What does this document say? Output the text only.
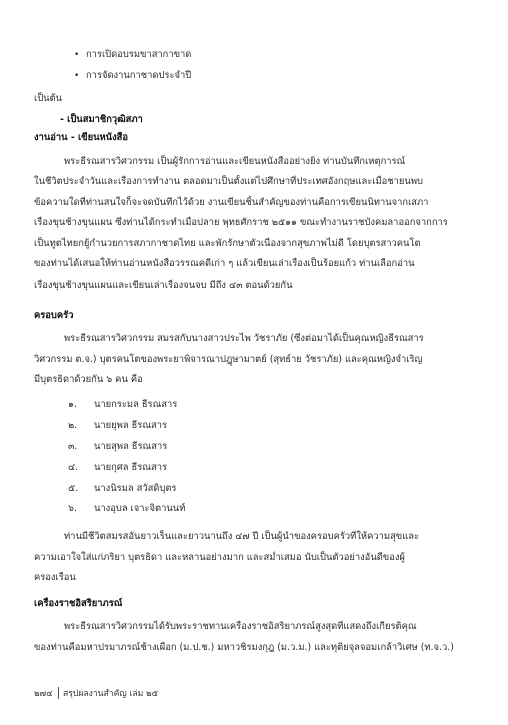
• การเปิดอบรมขาสากาขาด
• การจัดงานกาชาดประจำปี
เป็นต้น
- เป็นสมาชิกวุฒิสภา
งานอ่าน - เขียนหนังสือ
พระธีรณสารวิศวกรรม เป็นผู้รักการอ่านและเขียนหนังสืออย่างยิ่ง ท่านบันทึกเหตุการณ์
ในชีวิตประจำวันและเรื่องการทำงาน ตลอดมาเป็นตั้งแต่ไปศึกษาที่ประเทศอังกฤษและเมื่อชายนพบ
ข้อความใดที่ท่านสนใจก็จะจดบันทึกไว้ด้วย งานเขียนชิ้นสำคัญของท่านคือการเขียนนิทานจากเสภา
เรื่องขุนช้างขุนแผน ซึ่งท่านได้กระทำเมื่อปลาย พุทธศักราช ๒๕๑๑ ขณะทำงานราชบังคมลาออกจากการ
เป็นทูตไทยกยู้กำนวยการสภากาชาดไทย และพักรักษาตัวเนื่องจากสุขภาพไม่ดี โดยบุตรสาวคนโต
ของท่านได้เสนอให้ท่านอ่านหนังสือวรรณคดีเก่า ๆ แล้วเขียนเล่าเรื่องเป็นร้อยแก้ว ท่านเลือกอ่าน
เรื่องขุนช้างขุนแผนและเขียนเล่าเรื่องจนจบ มีถึง ๔๓ ตอนด้วยกัน
ครอบครัว
พระธีรณสารวิศวกรรม สมรสกับนางสาวประไพ วัชราภัย (ซึ่งต่อมาได้เป็นคุณหญิงธีรณสาร
วิศวกรรม ต.จ.) บุตรคนโตของพระยาพิจารณาปฎุษามาตย์ (สุทธ์าย วัชราภัย) และคุณหญิงจำเริญ
มีบุตรธิดาด้วยกัน ๖ คน คือ
๑. นายกระมล ธีรณสาร
๒. นายยุพล ธีรณสาร
๓. นายสุพล ธีรณสาร
๔. นายกุศล ธีรณสาร
๕. นางนิรมล สวัสดิบุตร
๖. นางอุบล เจาะจิตานนท์
ท่านมีชีวิตสมรสอันยาวเร็นและยาวนานถึง ๔๗ ปี เป็นผู้นำของครอบครัวที่ให้ความสุขและ
ความเอาใจใส่แก่ภริยา บุตรธิดา และหลานอย่างมาก และสม่ำเสมอ นับเป็นตัวอย่างอันดีของผู้
ครองเรือน
เครื่องราชอิสริยาภรณ์
พระธีรณสารวิศวกรรมได้รับพระราชทานเครื่องราชอิสริยาภรณ์สูงสุดที่แสดงถึงเกียรติคุณ
ของท่านคือมหาปรมาภรณ์ช้างเผือก (ม.ป.ช.) มหาวชิรมงกุฎ (ม.ว.ม.) และทุติยจุลจอมเกล้าวิเศษ (ท.จ.ว.)
๒๗๔ สรุปผลงานสำคัญ เล่ม ๒๕
